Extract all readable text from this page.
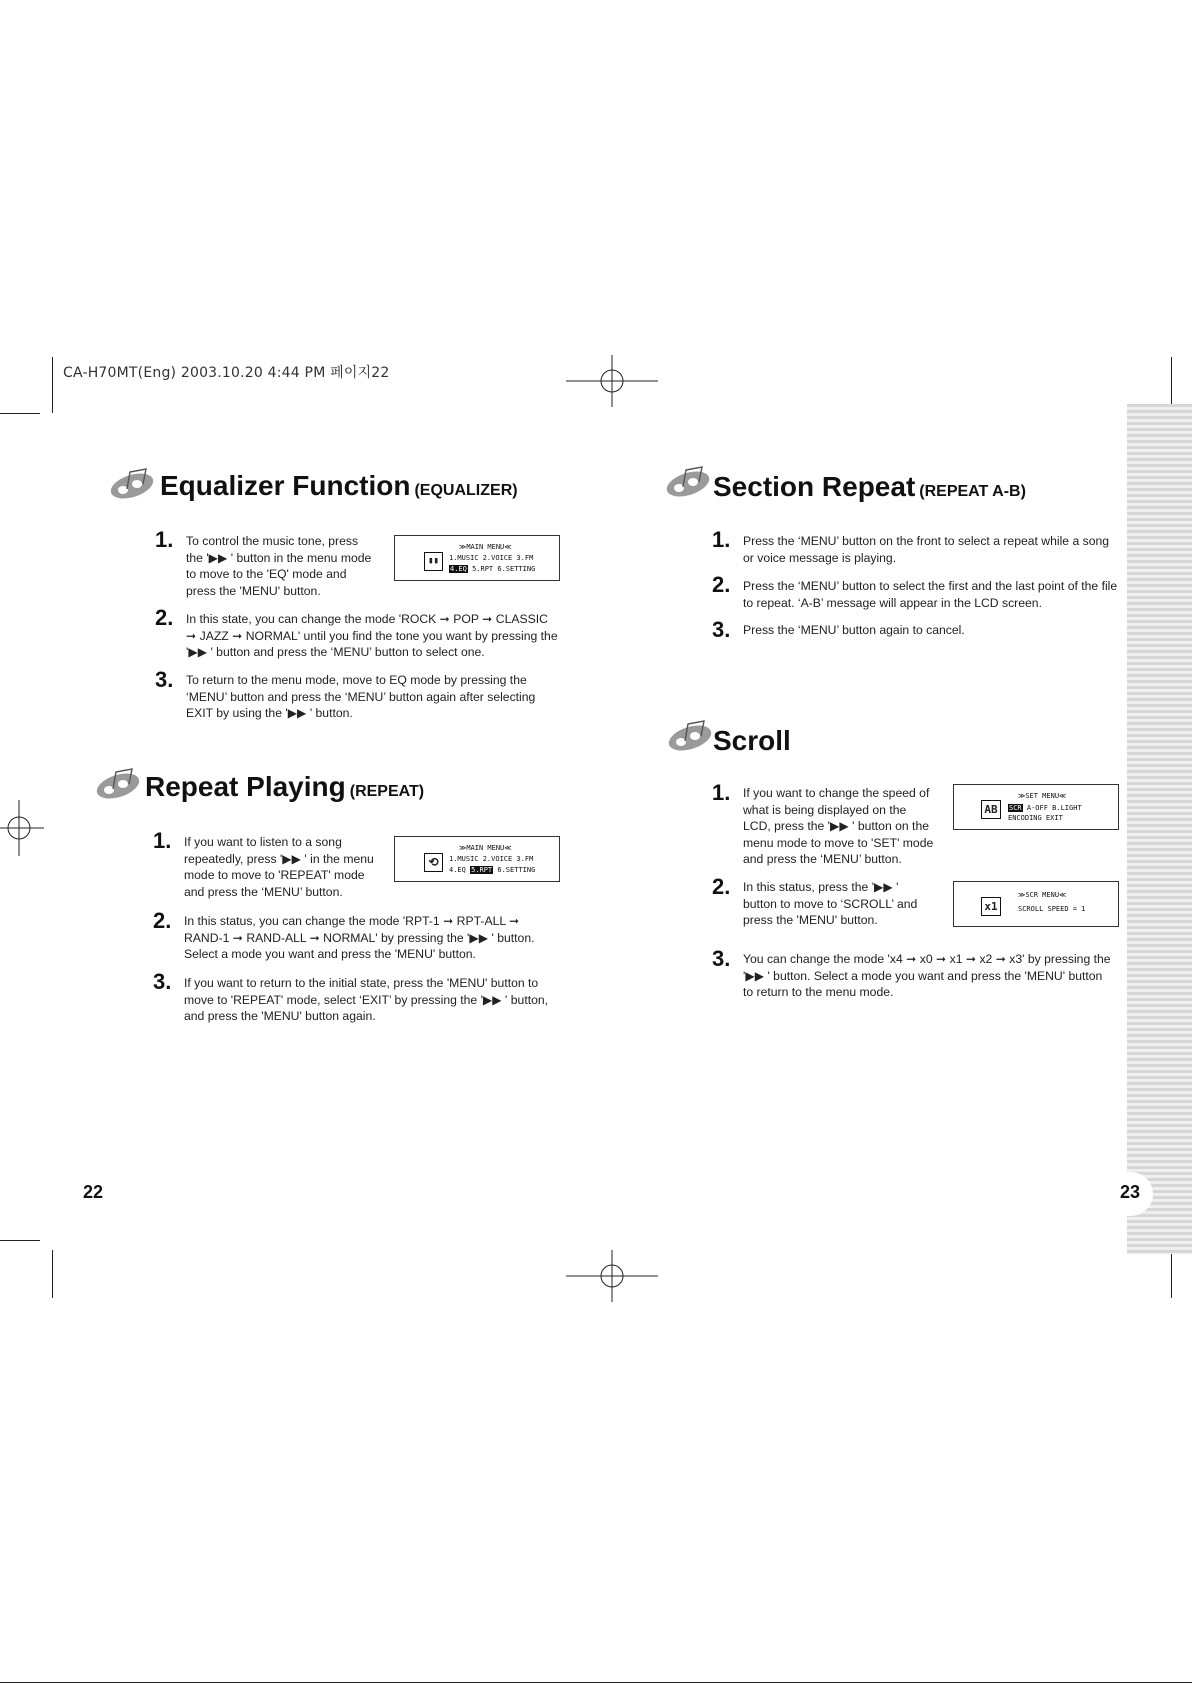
CA-H70MT(Eng) 2003.10.20 4:44 PM 페이지22
Equalizer Function (EQUALIZER)
1. To control the music tone, press the '▶▶ ' button in the menu mode to move to the 'EQ' mode and press the 'MENU' button.
▮▮
≫MAIN MENU≪
1.MUSIC 2.VOICE 3.FM
4.EQ 5.RPT 6.SETTING
2. In this state, you can change the mode 'ROCK ➞ POP ➞ CLASSIC ➞ JAZZ ➞ NORMAL' until you find the tone you want by pressing the '▶▶ ' button and press the ‘MENU’ button to select one.
3. To return to the menu mode, move to EQ mode by pressing the ‘MENU’ button and press the ‘MENU’ button again after selecting EXIT by using the '▶▶ ' button.
Repeat Playing (REPEAT)
1. If you want to listen to a song repeatedly, press '▶▶ ' in the menu mode to move to 'REPEAT' mode and press the ‘MENU’ button.
⟲
≫MAIN MENU≪
1.MUSIC 2.VOICE 3.FM
4.EQ 5.RPT 6.SETTING
2. In this status, you can change the mode 'RPT-1 ➞ RPT-ALL ➞ RAND-1 ➞ RAND-ALL ➞ NORMAL' by pressing the '▶▶ ' button. Select a mode you want and press the 'MENU' button.
3. If you want to return to the initial state, press the 'MENU' button to move to 'REPEAT' mode, select ‘EXIT’ by pressing the '▶▶ ' button, and press the 'MENU' button again.
Section Repeat (REPEAT A-B)
1. Press the ‘MENU’ button on the front to select a repeat while a song or voice message is playing.
2. Press the ‘MENU’ button to select the first and the last point of the file to repeat. ‘A-B’ message will appear in the LCD screen.
3. Press the ‘MENU’ button again to cancel.
Scroll
1. If you want to change the speed of what is being displayed on the LCD, press the '▶▶ ' button on the menu mode to move to 'SET' mode and press the ‘MENU’ button.
AB
≫SET MENU≪
SCR A-OFF B.LIGHT
ENCODING EXIT
2. In this status, press the '▶▶ ' button to move to ‘SCROLL’ and press the 'MENU' button.
x1
≫SCR MENU≪
SCROLL SPEED = 1
3. You can change the mode 'x4 ➞ x0 ➞ x1 ➞ x2 ➞ x3' by pressing the '▶▶ ' button. Select a mode you want and press the 'MENU' button to return to the menu mode.
22	23
